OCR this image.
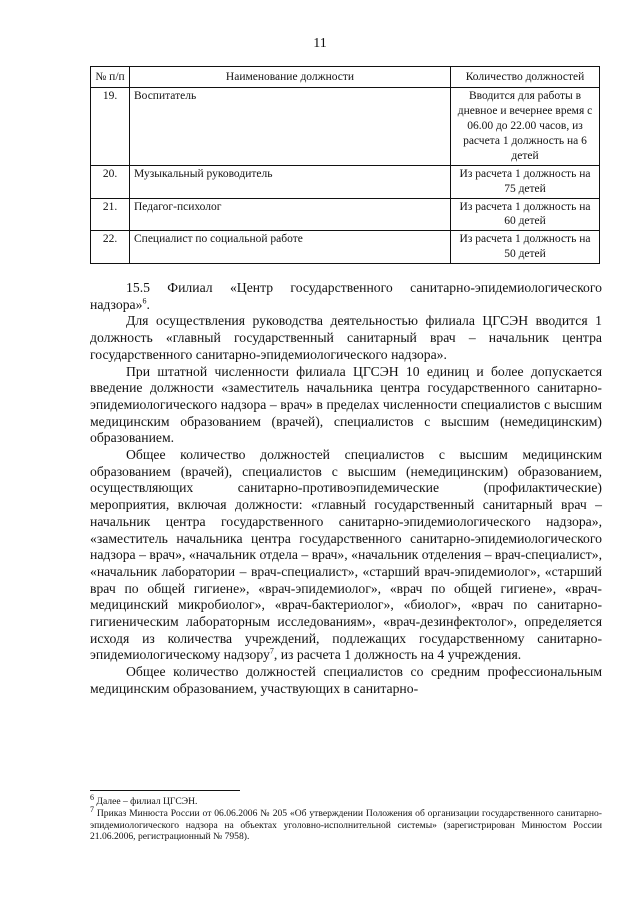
11
№ п/п	Наименование должности	Количество должностей
19.	Воспитатель	Вводится для работы в дневное и вечернее время с 06.00 до 22.00 часов, из расчета 1 должность на 6 детей
20.	Музыкальный руководитель	Из расчета 1 должность на 75 детей
21.	Педагог-психолог	Из расчета 1 должность на 60 детей
22.	Специалист по социальной работе	Из расчета 1 должность на 50 детей

15.5 Филиал «Центр государственного санитарно-эпидемиологического надзора»$^6$.

Для осуществления руководства деятельностью филиала ЦГСЭН вводится 1 должность «главный государственный санитарный врач – начальник центра государственного санитарно-эпидемиологического надзора».

При штатной численности филиала ЦГСЭН 10 единиц и более допускается введение должности «заместитель начальника центра государственного санитарно-эпидемиологического надзора – врач» в пределах численности специалистов с высшим медицинским образованием (врачей), специалистов с высшим (немедицинским) образованием.

Общее количество должностей специалистов с высшим медицинским образованием (врачей), специалистов с высшим (немедицинским) образованием, осуществляющих санитарно-противоэпидемические (профилактические) мероприятия, включая должности: «главный государственный санитарный врач – начальник центра государственного санитарно-эпидемиологического надзора», «заместитель начальника центра государственного санитарно-эпидемиологического надзора – врач», «начальник отдела – врач», «начальник отделения – врач-специалист», «начальник лаборатории – врач-специалист», «старший врач-эпидемиолог», «старший врач по общей гигиене», «врач-эпидемиолог», «врач по общей гигиене», «врач-медицинский микробиолог», «врач-бактериолог», «биолог», «врач по санитарно-гигиеническим лабораторным исследованиям», «врач-дезинфектолог», определяется исходя из количества учреждений, подлежащих государственному санитарно-эпидемиологическому надзору$^7$, из расчета 1 должность на 4 учреждения.

Общее количество должностей специалистов со средним профессиональным медицинским образованием, участвующих в санитарно-

$^6$ Далее – филиал ЦГСЭН.

$^7$ Приказ Минюста России от 06.06.2006 № 205 «Об утверждении Положения об организации государственного санитарно-эпидемиологического надзора на объектах уголовно-исполнительной системы» (зарегистрирован Минюстом России 21.06.2006, регистрационный № 7958).
